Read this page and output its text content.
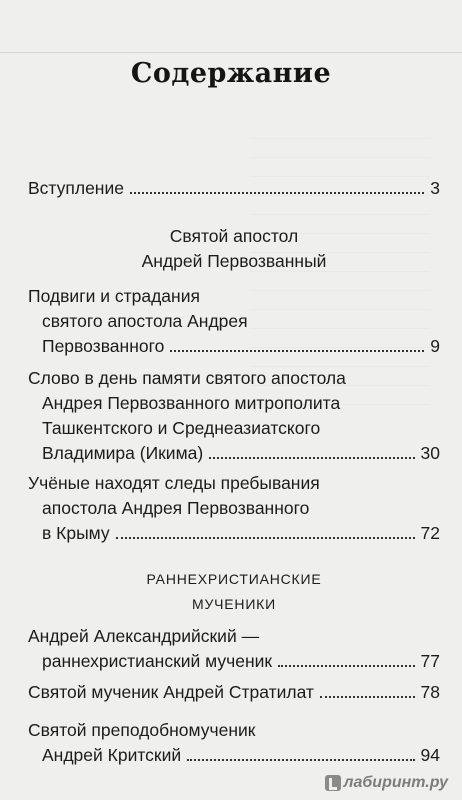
Содержание
Вступление	3
Святой апостол
Андрей Первозванный
Подвиги и страдания
святого апостола Андрея
Первозванного	9
Слово в день памяти святого апостола
Андрея Первозванного митрополита
Ташкентского и Среднеазиатского
Владимира (Икима)	30
Учёные находят следы пребывания
апостола Андрея Первозванного
в Крыму	72
РАННЕХРИСТИАНСКИЕ
МУЧЕНИКИ
Андрей Александрийский —
раннехристианский мученик	77
Святой мученик Андрей Стратилат	78
Святой преподобномученик
Андрей Критский	94
лабиринт.ру
